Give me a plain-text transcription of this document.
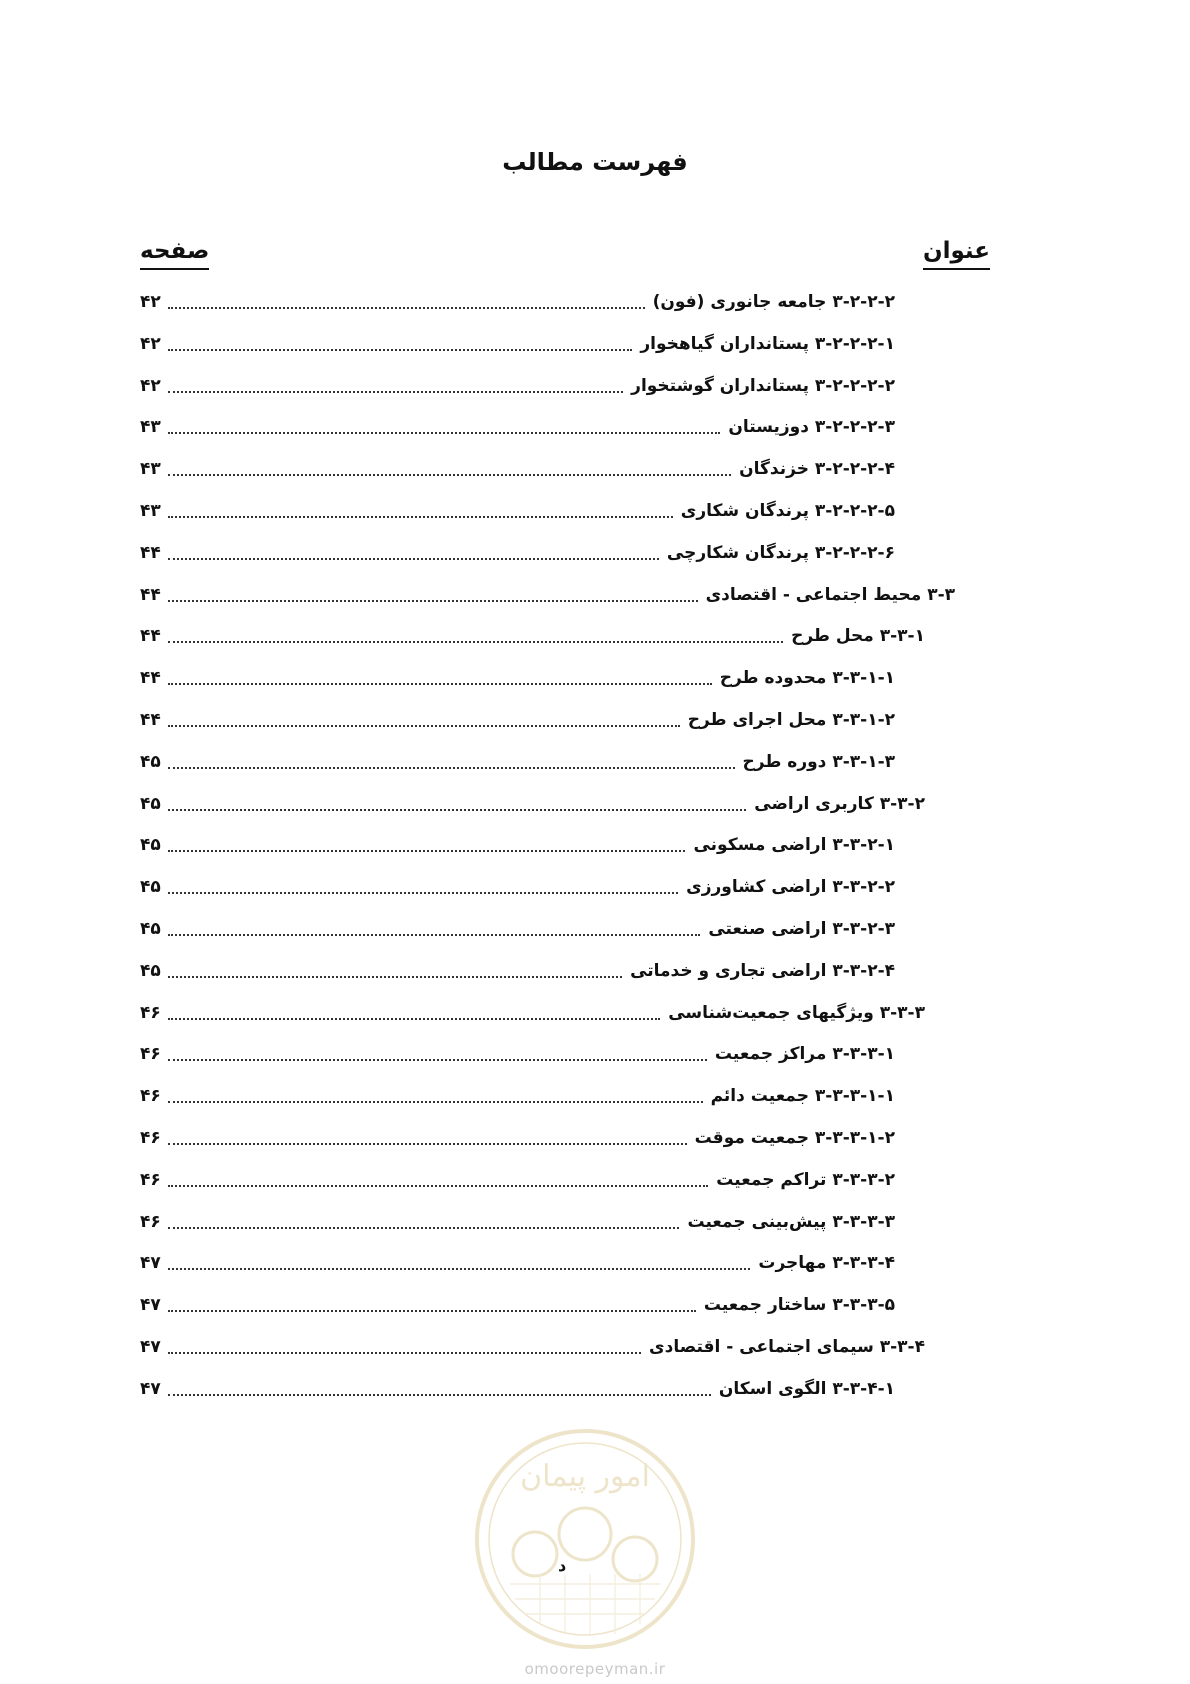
فهرست مطالب
عنوان
صفحه
۳-۲-۲-۲ جامعه جانوری (فون)
۴۲
۳-۲-۲-۲-۱ پستانداران گیاهخوار
۴۲
۳-۲-۲-۲-۲ پستانداران گوشتخوار
۴۲
۳-۲-۲-۲-۳ دوزیستان
۴۳
۳-۲-۲-۲-۴ خزندگان
۴۳
۳-۲-۲-۲-۵ پرندگان شکاری
۴۳
۳-۲-۲-۲-۶ پرندگان شکارچی
۴۴
۳-۳ محیط اجتماعی - اقتصادی
۴۴
۳-۳-۱ محل طرح
۴۴
۳-۳-۱-۱ محدوده طرح
۴۴
۳-۳-۱-۲ محل اجرای طرح
۴۴
۳-۳-۱-۳ دوره طرح
۴۵
۳-۳-۲ کاربری اراضی
۴۵
۳-۳-۲-۱ اراضی مسکونی
۴۵
۳-۳-۲-۲ اراضی کشاورزی
۴۵
۳-۳-۲-۳ اراضی صنعتی
۴۵
۳-۳-۲-۴ اراضی تجاری و خدماتی
۴۵
۳-۳-۳ ویژگیهای جمعیت‌شناسی
۴۶
۳-۳-۳-۱ مراکز جمعیت
۴۶
۳-۳-۳-۱-۱ جمعیت دائم
۴۶
۳-۳-۳-۱-۲ جمعیت موقت
۴۶
۳-۳-۳-۲ تراکم جمعیت
۴۶
۳-۳-۳-۳ پیش‌بینی جمعیت
۴۶
۳-۳-۳-۴ مهاجرت
۴۷
۳-۳-۳-۵ ساختار جمعیت
۴۷
۳-۳-۴ سیمای اجتماعی - اقتصادی
۴۷
۳-۳-۴-۱ الگوی اسکان
۴۷
امور پیمان
د
omoorepeyman.ir
